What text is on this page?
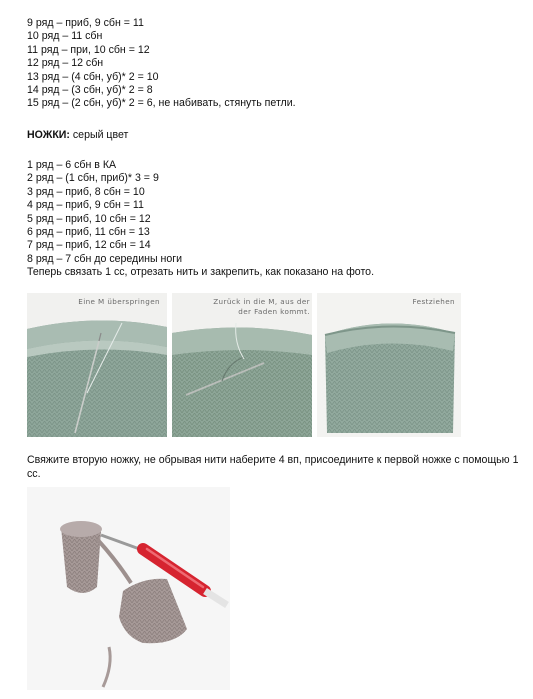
9 ряд – приб, 9 сбн = 11
10 ряд – 11 сбн
11 ряд – при, 10 сбн = 12
12 ряд – 12 сбн
13 ряд – (4 сбн, уб)* 2 = 10
14 ряд – (3 сбн, уб)* 2 = 8
15 ряд – (2 сбн, уб)* 2 = 6, не набивать, стянуть петли.
НОЖКИ: серый цвет
1 ряд – 6 сбн в КА
2 ряд – (1 сбн, приб)* 3 = 9
3 ряд – приб, 8 сбн = 10
4 ряд – приб, 9 сбн = 11
5 ряд – приб, 10 сбн = 12
6 ряд – приб, 11 сбн = 13
7 ряд – приб, 12 сбн = 14
8 ряд – 7 сбн до середины ноги
Теперь связать 1 сс, отрезать нить и закрепить, как показано на фото.
Eine M überspringen	Zurück in die M, aus der der Faden kommt.
Festziehen
Свяжите вторую ножку, не обрывая нити наберите 4 вп, присоедините к первой ножке с помощью 1 сс.
